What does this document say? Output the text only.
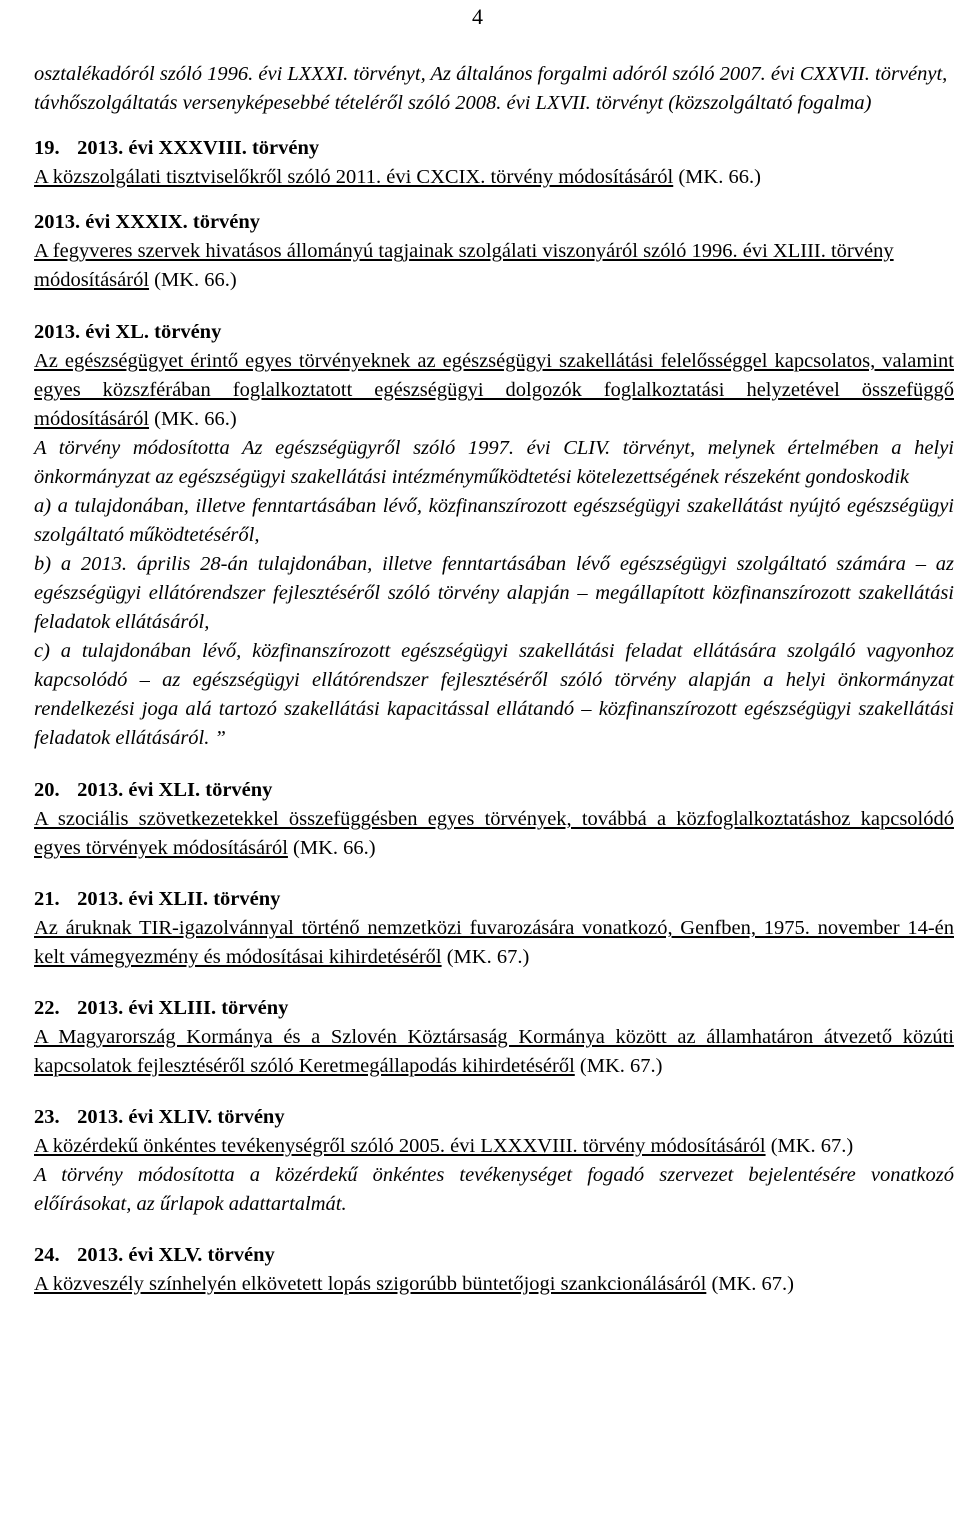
4

osztalékadóról szóló 1996. évi LXXXI. törvényt, Az általános forgalmi adóról szóló 2007. évi CXXVII. törvényt, távhőszolgáltatás versenyképesebbé tételéről szóló 2008. évi LXVII. törvényt (közszolgáltató fogalma)

19. 2013. évi XXXVIII. törvény

A közszolgálati tisztviselőkről szóló 2011. évi CXCIX. törvény módosításáról (MK. 66.)

2013. évi XXXIX. törvény

A fegyveres szervek hivatásos állományú tagjainak szolgálati viszonyáról szóló 1996. évi XLIII. törvény módosításáról (MK. 66.)

2013. évi XL. törvény

Az egészségügyet érintő egyes törvényeknek az egészségügyi szakellátási felelősséggel kapcsolatos, valamint egyes közszférában foglalkoztatott egészségügyi dolgozók foglalkoztatási helyzetével összefüggő módosításáról (MK. 66.)

A törvény módosította Az egészségügyről szóló 1997. évi CLIV. törvényt, melynek értelmében a helyi önkormányzat az egészségügyi szakellátási intézményműködtetési kötelezettségének részeként gondoskodik

a) a tulajdonában, illetve fenntartásában lévő, közfinanszírozott egészségügyi szakellátást nyújtó egészségügyi szolgáltató működtetéséről,

b) a 2013. április 28-án tulajdonában, illetve fenntartásában lévő egészségügyi szolgáltató számára – az egészségügyi ellátórendszer fejlesztéséről szóló törvény alapján – megállapított közfinanszírozott szakellátási feladatok ellátásáról,

c) a tulajdonában lévő, közfinanszírozott egészségügyi szakellátási feladat ellátására szolgáló vagyonhoz kapcsolódó – az egészségügyi ellátórendszer fejlesztéséről szóló törvény alapján a helyi önkormányzat rendelkezési joga alá tartozó szakellátási kapacitással ellátandó – közfinanszírozott egészségügyi szakellátási feladatok ellátásáról. ”

20. 2013. évi XLI. törvény

A szociális szövetkezetekkel összefüggésben egyes törvények, továbbá a közfoglalkoztatáshoz kapcsolódó egyes törvények módosításáról (MK. 66.)

21. 2013. évi XLII. törvény

Az áruknak TIR-igazolvánnyal történő nemzetközi fuvarozására vonatkozó, Genfben, 1975. november 14-én kelt vámegyezmény és módosításai kihirdetéséről (MK. 67.)

22. 2013. évi XLIII. törvény

A Magyarország Kormánya és a Szlovén Köztársaság Kormánya között az államhatáron átvezető közúti kapcsolatok fejlesztéséről szóló Keretmegállapodás kihirdetéséről (MK. 67.)

23. 2013. évi XLIV. törvény

A közérdekű önkéntes tevékenységről szóló 2005. évi LXXXVIII. törvény módosításáról (MK. 67.)

A törvény módosította a közérdekű önkéntes tevékenységet fogadó szervezet bejelentésére vonatkozó előírásokat, az űrlapok adattartalmát.

24. 2013. évi XLV. törvény

A közveszély színhelyén elkövetett lopás szigorúbb büntetőjogi szankcionálásáról (MK. 67.)
